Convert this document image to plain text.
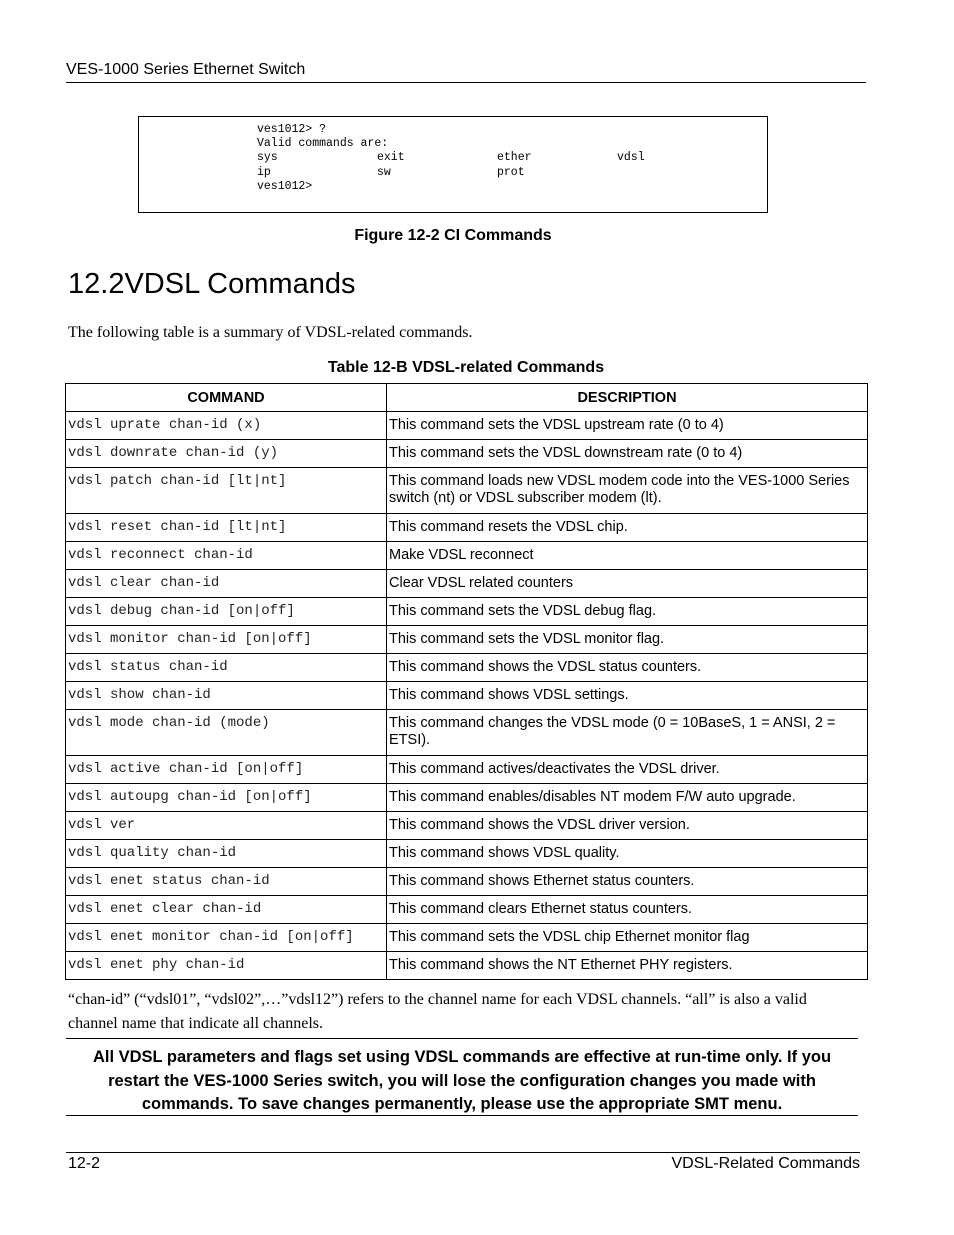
VES-1000 Series Ethernet Switch
ves1012> ?
Valid commands are:
sys	exit	ether	vdsl
ip	sw	prot
ves1012>
Figure 12-2 CI Commands
12.2VDSL Commands
The following table is a summary of VDSL-related commands.
Table 12-B VDSL-related Commands
COMMAND	DESCRIPTION
vdsl uprate chan-id (x)	This command sets the VDSL upstream rate (0 to 4)
vdsl downrate chan-id (y)	This command sets the VDSL downstream rate (0 to 4)
vdsl patch chan-id [lt|nt]	This command loads new VDSL modem code into the VES-1000 Series switch (nt) or VDSL subscriber modem (lt).
vdsl reset chan-id [lt|nt]	This command resets the VDSL chip.
vdsl reconnect chan-id	Make VDSL reconnect
vdsl clear chan-id	Clear VDSL related counters
vdsl debug chan-id [on|off]	This command sets the VDSL debug flag.
vdsl monitor chan-id [on|off]	This command sets the VDSL monitor flag.
vdsl status chan-id	This command shows the VDSL status counters.
vdsl show chan-id	This command shows VDSL settings.
vdsl mode chan-id (mode)	This command changes the VDSL mode (0 = 10BaseS, 1 = ANSI, 2 = ETSI).
vdsl active chan-id [on|off]	This command actives/deactivates the VDSL driver.
vdsl autoupg chan-id [on|off]	This command enables/disables NT modem F/W auto upgrade.
vdsl ver	This command shows the VDSL driver version.
vdsl quality chan-id	This command shows VDSL quality.
vdsl enet status chan-id	This command shows Ethernet status counters.
vdsl enet clear chan-id	This command clears Ethernet status counters.
vdsl enet monitor chan-id [on|off]	This command sets the VDSL chip Ethernet monitor flag
vdsl enet phy chan-id	This command shows the NT Ethernet PHY registers.
“chan-id” (“vdsl01”, “vdsl02”,…”vdsl12”) refers to the channel name for each VDSL channels. “all” is also a valid channel name that indicate all channels.
All VDSL parameters and flags set using VDSL commands are effective at run-time only. If you restart the VES-1000 Series switch, you will lose the configuration changes you made with commands. To save changes permanently, please use the appropriate SMT menu.
12-2	VDSL-Related Commands
